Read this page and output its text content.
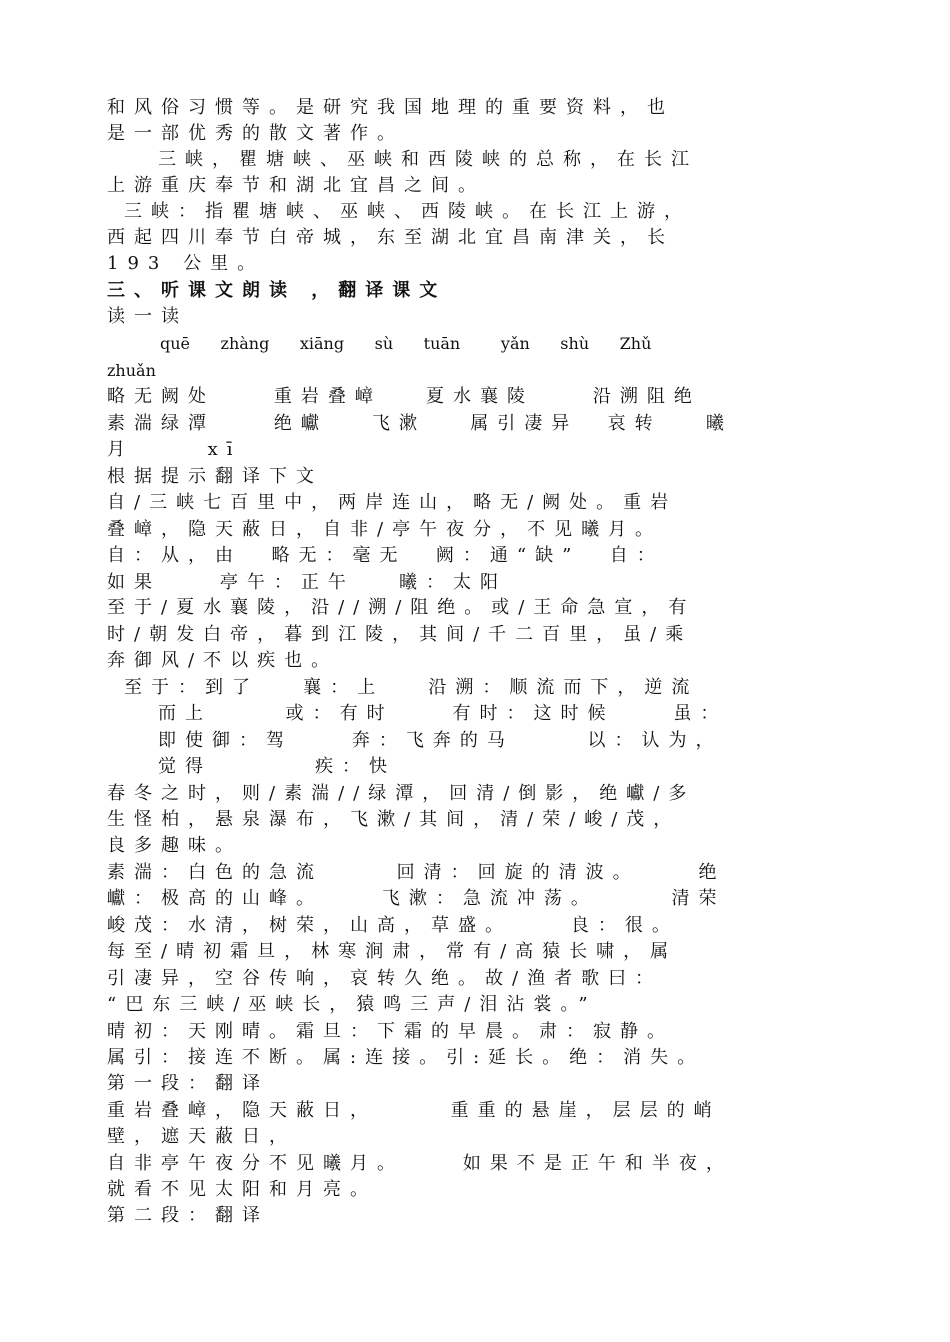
和风俗习惯等。是研究我国地理的重要资料，也
是一部优秀的散文著作。
三峡，瞿塘峡、巫峡和西陵峡的总称，在长江
上游重庆奉节和湖北宜昌之间。
三峡：指瞿塘峡、巫峡、西陵峡。在长江上游，
西起四川奉节白帝城，东至湖北宜昌南津关，长
193 公里。
三、听课文朗读 ，翻译课文
读一读
quē      zhàng      xiāng      sù      tuān        yǎn      shù      Zhǔ
zhuǎn
略无阙处    重岩叠嶂   夏水襄陵    沿溯阻绝
素湍绿潭    绝巘   飞漱   属引凄异  哀转   曦
月     xī
根据提示翻译下文
自/三峡七百里中，两岸连山，略无/阙处。重岩
叠嶂，隐天蔽日，自非/亭午夜分，不见曦月。
自：从，由  略无：毫无  阙：通“缺”  自：
如果    亭午：正午   曦：太阳
至于/夏水襄陵，沿//溯/阻绝。或/王命急宣，有
时/朝发白帝，暮到江陵，其间/千二百里，虽/乘
奔御风/不以疾也。
至于：到了   襄：上   沿溯：顺流而下，逆流
而上     或：有时    有时：这时候    虽：
即使御：驾    奔：飞奔的马     以：认为，
觉得       疾：快
春冬之时，则/素湍//绿潭，回清/倒影，绝巘/多
生怪柏，悬泉瀑布，飞漱/其间，清/荣/峻/茂，
良多趣味。
素湍：白色的急流     回清：回旋的清波。    绝
巘：极高的山峰。    飞漱：急流冲荡。     清荣
峻茂：水清，树荣，山高，草盛。    良：很。
每至/晴初霜旦，林寒涧肃，常有/高猿长啸，属
引凄异，空谷传响，哀转久绝。故/渔者歌曰：
“巴东三峡/巫峡长，猿鸣三声/泪沾裳。”
晴初：天刚晴。霜旦：下霜的早晨。肃：寂静。
属引：接连不断。属:连接。引:延长。绝：消失。
第一段：翻译
重岩叠嶂，隐天蔽日，     重重的悬崖，层层的峭
壁，遮天蔽日，
自非亭午夜分不见曦月。    如果不是正午和半夜，
就看不见太阳和月亮。
第二段：翻译
